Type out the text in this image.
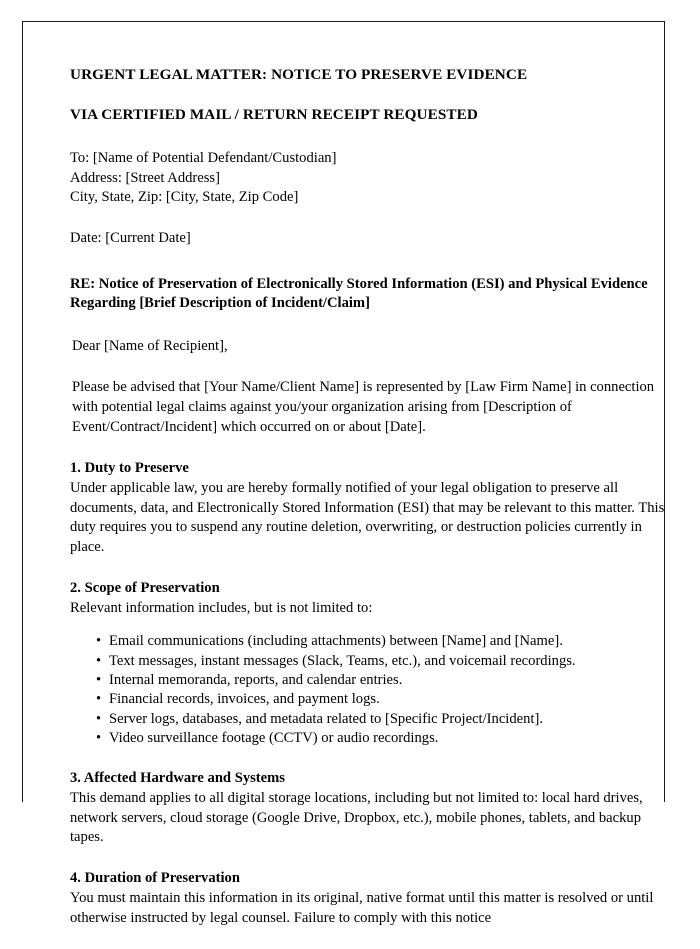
URGENT LEGAL MATTER: NOTICE TO PRESERVE EVIDENCE
VIA CERTIFIED MAIL / RETURN RECEIPT REQUESTED
To: [Name of Potential Defendant/Custodian]
Address: [Street Address]
City, State, Zip: [City, State, Zip Code]
Date: [Current Date]
RE: Notice of Preservation of Electronically Stored Information (ESI) and Physical Evidence Regarding [Brief Description of Incident/Claim]
Dear [Name of Recipient],

Please be advised that [Your Name/Client Name] is represented by [Law Firm Name] in connection with potential legal claims against you/your organization arising from [Description of Event/Contract/Incident] which occurred on or about [Date].

1. Duty to Preserve

Under applicable law, you are hereby formally notified of your legal obligation to preserve all documents, data, and Electronically Stored Information (ESI) that may be relevant to this matter. This duty requires you to suspend any routine deletion, overwriting, or destruction policies currently in place.

2. Scope of Preservation

Relevant information includes, but is not limited to:

• Email communications (including attachments) between [Name] and [Name].
• Text messages, instant messages (Slack, Teams, etc.), and voicemail recordings.
• Internal memoranda, reports, and calendar entries.
• Financial records, invoices, and payment logs.
• Server logs, databases, and metadata related to [Specific Project/Incident].
• Video surveillance footage (CCTV) or audio recordings.
3. Affected Hardware and Systems

This demand applies to all digital storage locations, including but not limited to: local hard drives, network servers, cloud storage (Google Drive, Dropbox, etc.), mobile phones, tablets, and backup tapes.

4. Duration of Preservation

You must maintain this information in its original, native format until this matter is resolved or until otherwise instructed by legal counsel. Failure to comply with this notice
